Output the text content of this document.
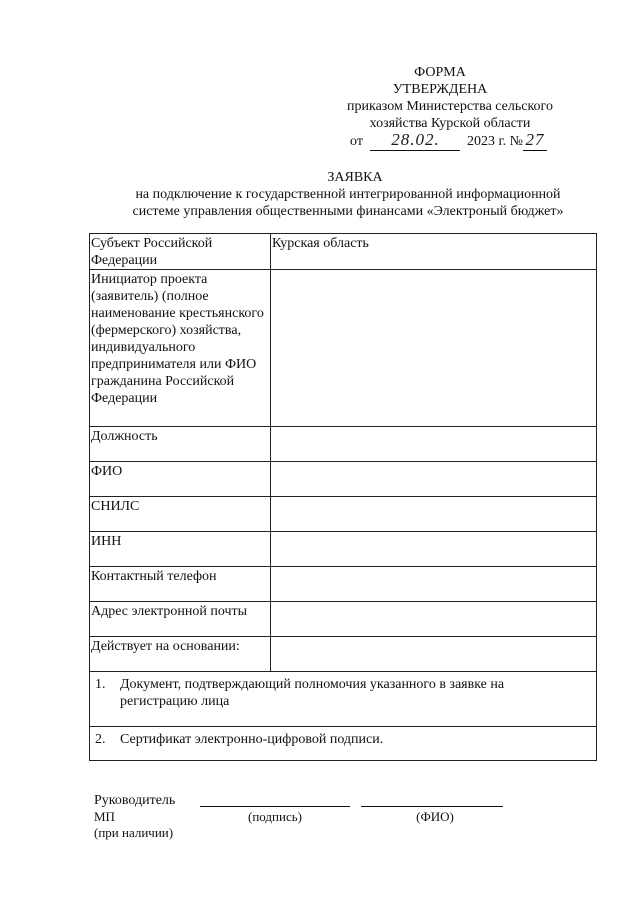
ФОРМА
УТВЕРЖДЕНА
приказом Министерства сельского
хозяйства Курской области
от 28.02. 2023 г. № 27
ЗАЯВКА
на подключение к государственной интегрированной информационной
системе управления общественными финансами «Электроный бюджет»
Субъект Российской Федерации	Курская область
Инициатор проекта (заявитель) (полное наименование крестьянского (фермерского) хозяйства, индивидуального предпринимателя или ФИО гражданина Российской Федерации	
Должность	
ФИО	
СНИЛС	
ИНН	
Контактный телефон	
Адрес электронной почты	
Действует на основании:	

1. Документ, подтверждающий полномочия указанного в заявке на регистрацию лица	

2. Сертификат электронно-цифровой подписи.	
Руководитель
МП	(подпись)	(ФИО)
(при наличии)
